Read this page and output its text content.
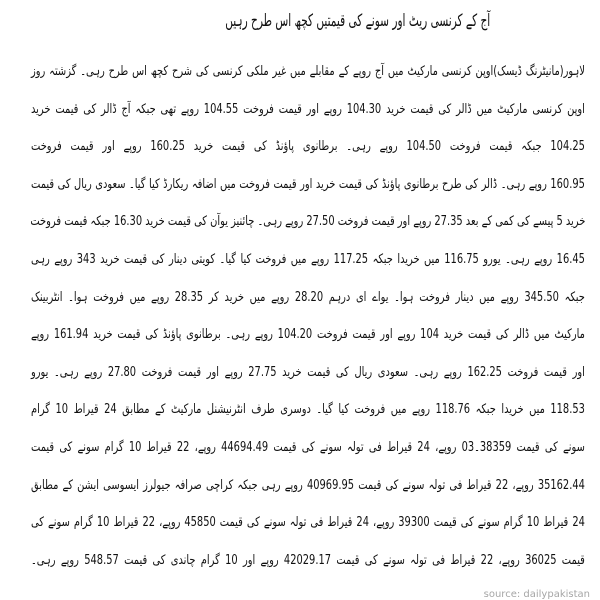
آج کے کرنسی ریٹ اور سونے کی قیمتیں کچھ اس طرح رہیں
لاہور(مانیٹرنگ ڈیسک)اوپن کرنسی مارکیٹ میں آج روپے کے مقابلے میں غیر ملکی کرنسی کی شرح کچھ اس طرح رہی۔ گزشتہ روز
اوپن کرنسی مارکیٹ میں ڈالر کی قیمت خرید 104.30 روپے اور قیمت فروخت 104.55 روپے تھی جبکہ آج ڈالر کی قیمت خرید
104.25 جبکہ قیمت فروخت 104.50 روپے رہی۔ برطانوی پاؤنڈ کی قیمت خرید 160.25 روپے اور قیمت فروخت
160.95 روپے رہی۔ ڈالر کی طرح برطانوی پاؤنڈ کی قیمت خرید اور قیمت فروخت میں اضافہ ریکارڈ کیا گیا۔ سعودی ریال کی قیمت
خرید 5 پیسے کی کمی کے بعد 27.35 روپے اور قیمت فروخت 27.50 روپے رہی۔ چائنیز یوآن کی قیمت خرید 16.30 جبکہ قیمت فروخت
16.45 روپے رہی۔ یورو 116.75 میں خریدا جبکہ 117.25 روپے میں فروخت کیا گیا۔ کویتی دینار کی قیمت خرید 343 روپے رہی
جبکہ 345.50 روپے میں دینار فروخت ہوا۔ یواے ای درہم 28.20 روپے میں خرید کر 28.35 روپے میں فروخت ہوا۔ انٹربینک
مارکیٹ میں ڈالر کی قیمت خرید 104 روپے اور قیمت فروخت 104.20 روپے رہی۔ برطانوی پاؤنڈ کی قیمت خرید 161.94 روپے
اور قیمت فروخت 162.25 روپے رہی۔ سعودی ریال کی قیمت خرید 27.75 روپے اور قیمت فروخت 27.80 روپے رہی۔ یورو
118.53 میں خریدا جبکہ 118.76 روپے میں فروخت کیا گیا۔ دوسری طرف انٹرنیشنل مارکیٹ کے مطابق 24 قیراط 10 گرام
سونے کی قیمت 38359۔03 روپے، 24 قیراط فی تولہ سونے کی قیمت 44694.49 روپے، 22 قیراط 10 گرام سونے کی قیمت
35162.44 روپے، 22 قیراط فی تولہ سونے کی قیمت 40969.95 روپے رہی جبکہ کراچی صرافہ جیولرز ایسوسی ایشن کے مطابق
24 قیراط 10 گرام سونے کی قیمت 39300 روپے، 24 قیراط فی تولہ سونے کی قیمت 45850 روپے، 22 قیراط 10 گرام سونے کی
قیمت 36025 روپے، 22 قیراط فی تولہ سونے کی قیمت 42029.17 روپے اور 10 گرام چاندی کی قیمت 548.57 روپے رہی۔
source: dailypakistan
